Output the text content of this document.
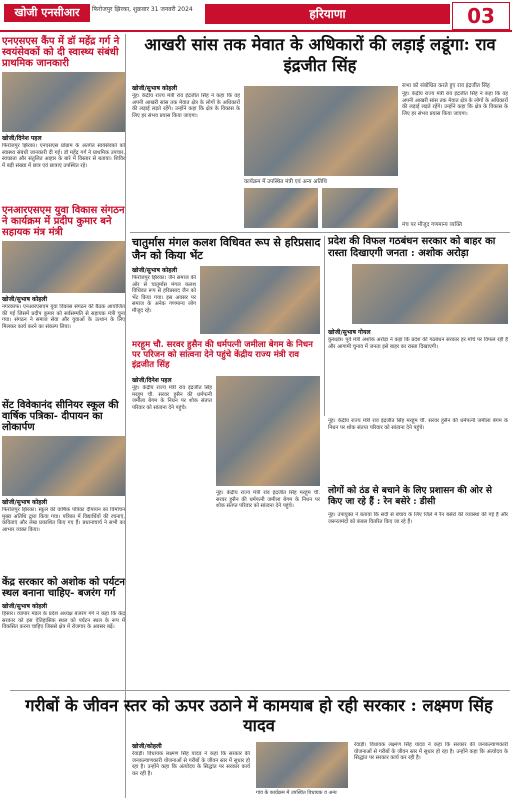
खोजी एनसीआर	फिरोजपुर झिरका, शुक्रवार 31 जनवरी 2024	हरियाणा	03
एनएसएस कैंप में डॉ महेंद्र गर्ग ने स्वयंसेवकों को दी स्वास्थ्य संबंधी प्राथमिक जानकारी
खोजी/दिनेश पहल
फिरोजपुर झिरका। एनएसएस प्रोग्राम के अंतर्गत स्वयंसेवकों को स्वास्थ्य संबंधी जानकारी दी गई। डॉ महेंद्र गर्ग ने प्राथमिक उपचार, स्वच्छता और संतुलित आहार के बारे में विस्तार से बताया। शिविर में बड़ी संख्या में छात्र एवं छात्राएं उपस्थित रहे।
एनआरएसएम युवा विकास संगठन ने कार्यक्रम में प्रदीप कुमार बने सहायक मंत्र मंत्री
खोजी/सुभाष कोहली
नगरकाफ। एनआरएसएम युवा विकास संगठन की बैठक आयोजित की गई जिसमें प्रदीप कुमार को सर्वसम्मति से सहायक मंत्री चुना गया। संगठन ने समाज सेवा और युवाओं के उत्थान के लिए मिलकर कार्य करने का संकल्प लिया।
सेंट विवेकानंद सीनियर स्कूल की वार्षिक पत्रिका- दीपायन का लोकार्पण
खोजी/सुभाष कोहली
फिरोजपुर झिरका। स्कूल की वार्षिक पत्रिका दीपायन का विमोचन मुख्य अतिथि द्वारा किया गया। पत्रिका में विद्यार्थियों की रचनाएं, कविताएं और लेख प्रकाशित किए गए हैं। प्रधानाचार्य ने सभी का आभार व्यक्त किया।
केंद्र सरकार को अशोक को पर्यटन स्थल बनाना चाहिए- बजरंग गर्ग
खोजी/सुभाष कोहली
हिसार। व्यापार मंडल के प्रदेश अध्यक्ष बजरंग गर्ग ने कहा कि केंद्र सरकार को इस ऐतिहासिक स्थल को पर्यटन स्थल के रूप में विकसित करना चाहिए जिससे क्षेत्र में रोजगार के अवसर बढ़ें।
आखरी सांस तक मेवात के अधिकारों की लड़ाई लडूंगा: राव इंद्रजीत सिंह
खोजी/सुभाष कोहली
नूंह। केंद्रीय राज्य मंत्री राव इंद्रजीत सिंह ने कहा कि वह अपनी आखरी सांस तक मेवात क्षेत्र के लोगों के अधिकारों की लड़ाई लड़ते रहेंगे। उन्होंने कहा कि क्षेत्र के विकास के लिए हर संभव प्रयास किया जाएगा।
कार्यक्रम में उपस्थित मंत्री एवं अन्य अतिथि
सभा को संबोधित करते हुए राव इंद्रजीत सिंह
नूंह। केंद्रीय राज्य मंत्री राव इंद्रजीत सिंह ने कहा कि वह अपनी आखरी सांस तक मेवात क्षेत्र के लोगों के अधिकारों की लड़ाई लड़ते रहेंगे। उन्होंने कहा कि क्षेत्र के विकास के लिए हर संभव प्रयास किया जाएगा।
मंच पर मौजूद गणमान्य व्यक्ति
चातुर्मास मंगल कलश विधिवत रूप से हरिप्रसाद जैन को किया भेंट
खोजी/सुभाष कोहली
फिरोजपुर झिरका। जैन समाज की ओर से चातुर्मास मंगल कलश विधिवत रूप से हरिप्रसाद जैन को भेंट किया गया। इस अवसर पर समाज के अनेक गणमान्य लोग मौजूद रहे।
प्रदेश की विफल गठबंधन सरकार को बाहर का रास्ता दिखाएगी जनता : अशोक अरोड़ा
खोजी/सुभाष गोयल
कुरुक्षेत्र। पूर्व मंत्री अशोक अरोड़ा ने कहा कि प्रदेश की गठबंधन सरकार हर मोर्चे पर विफल रही है और आगामी चुनाव में जनता इसे बाहर का रास्ता दिखाएगी।
मरहूम चौ. सरवर हुसैन की धर्मपत्नी जमीला बेगम के निधन पर परिजन को सांत्वना देने पहुंचे केंद्रीय राज्य मंत्री राव इंद्रजीत सिंह
खोजी/दिनेश पहल
नूंह। केंद्रीय राज्य मंत्री राव इंद्रजीत सिंह मरहूम चौ. सरवर हुसैन की धर्मपत्नी जमीला बेगम के निधन पर शोक संतप्त परिवार को सांत्वना देने पहुंचे।
नूंह। केंद्रीय राज्य मंत्री राव इंद्रजीत सिंह मरहूम चौ. सरवर हुसैन की धर्मपत्नी जमीला बेगम के निधन पर शोक संतप्त परिवार को सांत्वना देने पहुंचे।
नूंह। केंद्रीय राज्य मंत्री राव इंद्रजीत सिंह मरहूम चौ. सरवर हुसैन की धर्मपत्नी जमीला बेगम के निधन पर शोक संतप्त परिवार को सांत्वना देने पहुंचे।
लोगों को ठंड से बचाने के लिए प्रशासन की ओर से किए जा रहे हैं : रेन बसेरे : डीसी
नूंह। उपायुक्त ने बताया कि सर्दी से बचाव के लिए जिले में रैन बसेरों की व्यवस्था की गई है और जरूरतमंदों को कंबल वितरित किए जा रहे हैं।
गरीबों के जीवन स्तर को ऊपर उठाने में कामयाब हो रही सरकार : लक्ष्मण सिंह यादव
खोजी/कोहली
रेवाड़ी। विधायक लक्ष्मण सिंह यादव ने कहा कि सरकार की जनकल्याणकारी योजनाओं से गरीबों के जीवन स्तर में सुधार हो रहा है। उन्होंने कहा कि अंत्योदय के सिद्धांत पर सरकार कार्य कर रही है।
गांव के कार्यक्रम में उपस्थित विधायक व अन्य
रेवाड़ी। विधायक लक्ष्मण सिंह यादव ने कहा कि सरकार की जनकल्याणकारी योजनाओं से गरीबों के जीवन स्तर में सुधार हो रहा है। उन्होंने कहा कि अंत्योदय के सिद्धांत पर सरकार कार्य कर रही है।
